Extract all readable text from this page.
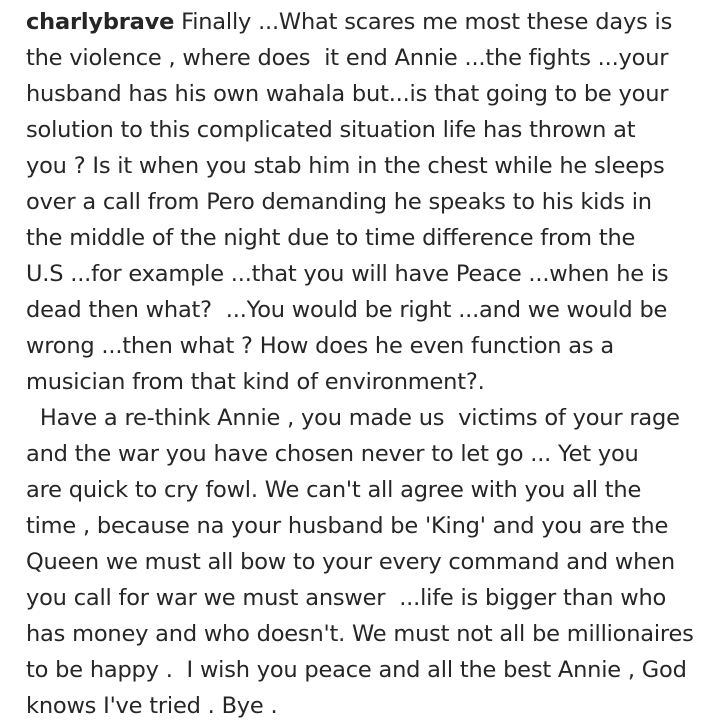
charlybrave Finally ...What scares me most these days is
the violence , where does  it end Annie ...the fights ...your
husband has his own wahala but...is that going to be your
solution to this complicated situation life has thrown at
you ? Is it when you stab him in the chest while he sleeps
over a call from Pero demanding he speaks to his kids in
the middle of the night due to time difference from the
U.S ...for example ...that you will have Peace ...when he is
dead then what?  ...You would be right ...and we would be
wrong ...then what ? How does he even function as a
musician from that kind of environment?.
Have a re-think Annie , you made us  victims of your rage
and the war you have chosen never to let go ... Yet you
are quick to cry fowl. We can't all agree with you all the
time , because na your husband be 'King' and you are the
Queen we must all bow to your every command and when
you call for war we must answer  ...life is bigger than who
has money and who doesn't. We must not all be millionaires
to be happy .  I wish you peace and all the best Annie , God
knows I've tried . Bye .
